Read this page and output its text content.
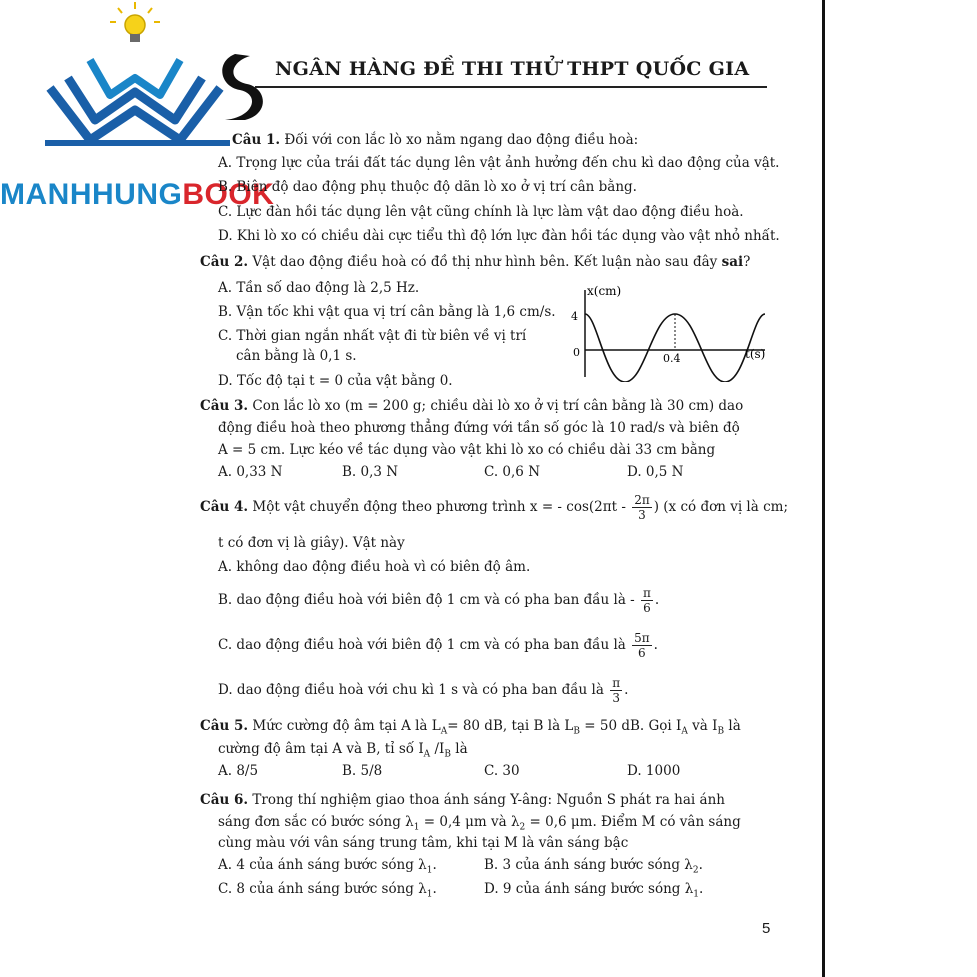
MANHHUNGBOOK
NGÂN HÀNG ĐỀ THI THỬ THPT QUỐC GIA
Câu 1. Đối với con lắc lò xo nằm ngang dao động điều hoà:
A. Trọng lực của trái đất tác dụng lên vật ảnh hưởng đến chu kì dao động của vật.
B. Biên độ dao động phụ thuộc độ dãn lò xo ở vị trí cân bằng.
C. Lực đàn hồi tác dụng lên vật cũng chính là lực làm vật dao động điều hoà.
D. Khi lò xo có chiều dài cực tiểu thì độ lớn lực đàn hồi tác dụng vào vật nhỏ nhất.
Câu 2. Vật dao động điều hoà có đồ thị như hình bên. Kết luận nào sau đây sai?
A. Tần số dao động là 2,5 Hz.
B. Vận tốc khi vật qua vị trí cân bằng là 1,6 cm/s.
C. Thời gian ngắn nhất vật đi từ biên về vị trí
cân bằng là 0,1 s.
D. Tốc độ tại t = 0 của vật bằng 0.
x(cm)
4
0	0.4	t(s)
Câu 3. Con lắc lò xo (m = 200 g; chiều dài lò xo ở vị trí cân bằng là 30 cm) dao
động điều hoà theo phương thẳng đứng với tần số góc là 10 rad/s và biên độ
A = 5 cm. Lực kéo về tác dụng vào vật khi lò xo có chiều dài 33 cm bằng
A. 0,33 N	B. 0,3 N	C. 0,6 N	D. 0,5 N
Câu 4. Một vật chuyển động theo phương trình x = - $\cos(2\pi t - \frac{2\pi}{3}$ ) (x có đơn vị là cm;
t có đơn vị là giây). Vật này
A. không dao động điều hoà vì có biên độ âm.
B. dao động điều hoà với biên độ 1 cm và có pha ban đầu là - $\frac{\pi}{6}$ .
C. dao động điều hoà với biên độ 1 cm và có pha ban đầu là $\frac{5\pi}{6}$ .
D. dao động điều hoà với chu kì 1 s và có pha ban đầu là $\frac{\pi}{3}$ .
Câu 5. Mức cường độ âm tại A là $L_A= 80$ dB, tại B là $L_B = 50$ dB. Gọi $I_A$ và $I_B$ là
cường độ âm tại A và B, tỉ số $I_A$ $/I_B$ là
A. 8/5	B. 5/8	C. 30	D. 1000
Câu 6. Trong thí nghiệm giao thoa ánh sáng Y-âng: Nguồn S phát ra hai ánh
sáng đơn sắc có bước sóng $\lambda_1 = 0,4$ μm và $\lambda_2 = 0,6$ μm. Điểm M có vân sáng
cùng màu với vân sáng trung tâm, khi tại M là vân sáng bậc
A. 4 của ánh sáng bước sóng $\lambda_1$.	B. 3 của ánh sáng bước sóng $\lambda_2$.
C. 8 của ánh sáng bước sóng $\lambda_1$.	D. 9 của ánh sáng bước sóng $\lambda_1$.
5
